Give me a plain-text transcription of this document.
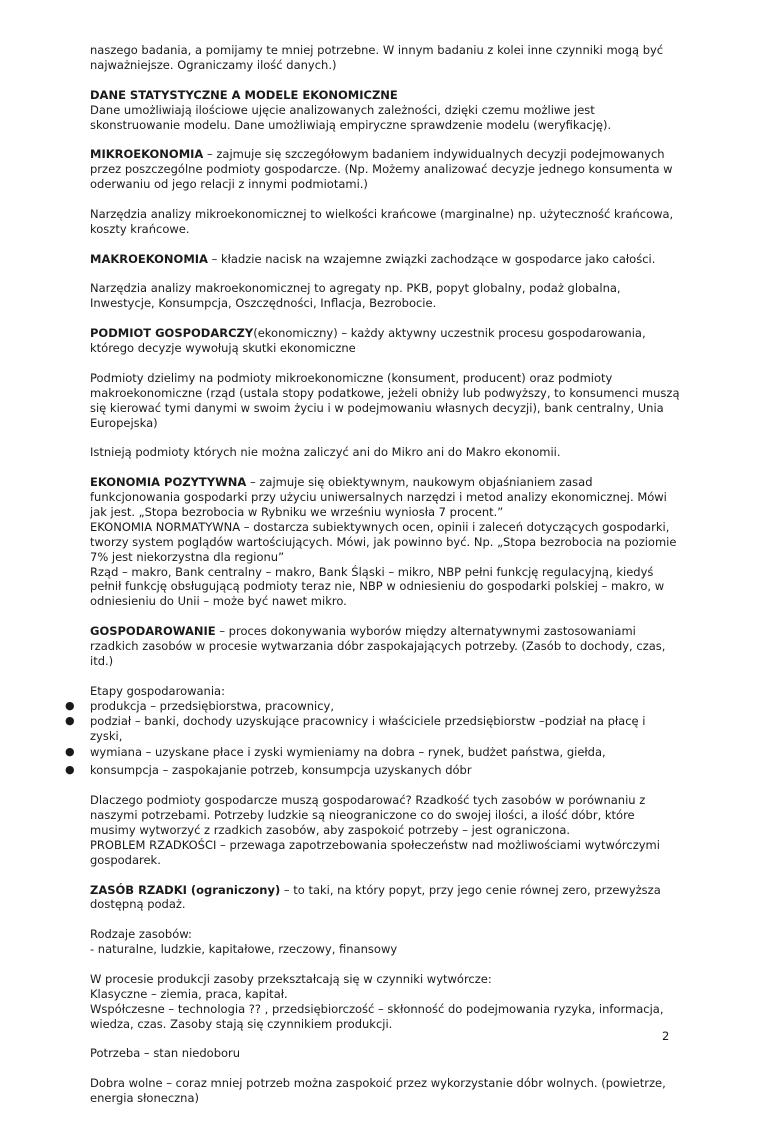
naszego badania, a pomijamy te mniej potrzebne. W innym badaniu z kolei inne czynniki mogą być najważniejsze. Ograniczamy ilość danych.)

DANE STATYSTYCZNE A MODELE EKONOMICZNE

Dane umożliwiają ilościowe ujęcie analizowanych zależności, dzięki czemu możliwe jest skonstruowanie modelu. Dane umożliwiają empiryczne sprawdzenie modelu (weryfikację).

MIKROEKONOMIA – zajmuje się szczegółowym badaniem indywidualnych decyzji podejmowanych przez poszczególne podmioty gospodarcze. (Np. Możemy analizować decyzje jednego konsumenta w oderwaniu od jego relacji z innymi podmiotami.)

Narzędzia analizy mikroekonomicznej to wielkości krańcowe (marginalne) np. użyteczność krańcowa, koszty krańcowe.

MAKROEKONOMIA – kładzie nacisk na wzajemne związki zachodzące w gospodarce jako całości.

Narzędzia analizy makroekonomicznej to agregaty np. PKB, popyt globalny, podaż globalna, Inwestycje, Konsumpcja, Oszczędności, Inflacja, Bezrobocie.

PODMIOT GOSPODARCZY(ekonomiczny) – każdy aktywny uczestnik procesu gospodarowania, którego decyzje wywołują skutki ekonomiczne

Podmioty dzielimy na podmioty mikroekonomiczne (konsument, producent) oraz podmioty makroekonomiczne (rząd (ustala stopy podatkowe, jeżeli obniży lub podwyższy, to konsumenci muszą się kierować tymi danymi w swoim życiu i w podejmowaniu własnych decyzji), bank centralny, Unia Europejska)

Istnieją podmioty których nie można zaliczyć ani do Mikro ani do Makro ekonomii.

EKONOMIA POZYTYWNA – zajmuje się obiektywnym, naukowym objaśnianiem zasad funkcjonowania gospodarki przy użyciu uniwersalnych narzędzi i metod analizy ekonomicznej. Mówi jak jest. „Stopa bezrobocia w Rybniku we wrześniu wyniosła 7 procent.”
EKONOMIA NORMATYWNA – dostarcza subiektywnych ocen, opinii i zaleceń dotyczących gospodarki, tworzy system poglądów wartościujących. Mówi, jak powinno być. Np. „Stopa bezrobocia na poziomie 7% jest niekorzystna dla regionu”
Rząd – makro, Bank centralny – makro, Bank Śląski – mikro, NBP pełni funkcję regulacyjną, kiedyś pełnił funkcję obsługującą podmioty teraz nie, NBP w odniesieniu do gospodarki polskiej – makro, w odniesieniu do Unii – może być nawet mikro.

GOSPODAROWANIE – proces dokonywania wyborów między alternatywnymi zastosowaniami rzadkich zasobów w procesie wytwarzania dóbr zaspokajających potrzeby. (Zasób to dochody, czas, itd.)

Etapy gospodarowania:
● produkcja – przedsiębiorstwa, pracownicy,
● podział – banki, dochody uzyskujące pracownicy i właściciele przedsiębiorstw –podział na płacę i zyski,
● wymiana – uzyskane płace i zyski wymieniamy na dobra – rynek, budżet państwa, giełda,
● konsumpcja – zaspokajanie potrzeb, konsumpcja uzyskanych dóbr
Dlaczego podmioty gospodarcze muszą gospodarować? Rzadkość tych zasobów w porównaniu z naszymi potrzebami. Potrzeby ludzkie są nieograniczone co do swojej ilości, a ilość dóbr, które musimy wytworzyć z rzadkich zasobów, aby zaspokoić potrzeby – jest ograniczona.
PROBLEM RZADKOŚCI – przewaga zapotrzebowania społeczeństw nad możliwościami wytwórczymi gospodarek.

ZASÓB RZADKI (ograniczony) – to taki, na który popyt, przy jego cenie równej zero, przewyższa dostępną podaż.

Rodzaje zasobów:
- naturalne, ludzkie, kapitałowe, rzeczowy, finansowy
W procesie produkcji zasoby przekształcają się w czynniki wytwórcze:
Klasyczne – ziemia, praca, kapitał.
Współczesne – technologia ?? , przedsiębiorczość – skłonność do podejmowania ryzyka, informacja, wiedza, czas. Zasoby stają się czynnikiem produkcji.

Potrzeba – stan niedoboru

Dobra wolne – coraz mniej potrzeb można zaspokoić przez wykorzystanie dóbr wolnych. (powietrze, energia słoneczna)

2
